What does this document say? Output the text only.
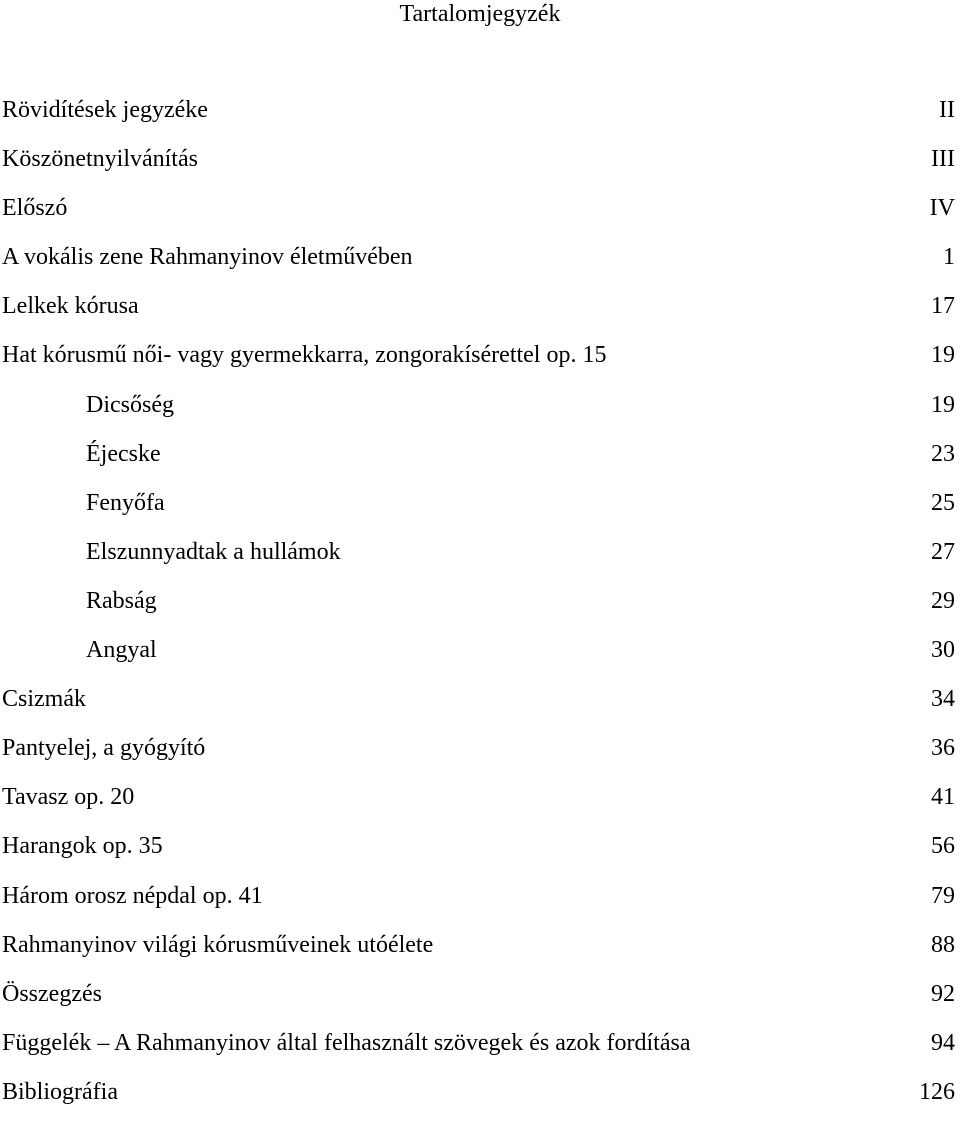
Tartalomjegyzék
Rövidítések jegyzéke	II
Köszönetnyilvánítás	III
Előszó	IV
A vokális zene Rahmanyinov életművében	1
Lelkek kórusa	17
Hat kórusmű női- vagy gyermekkarra, zongorakísérettel op. 15	19
Dicsőség	19
Éjecske	23
Fenyőfa	25
Elszunnyadtak a hullámok	27
Rabság	29
Angyal	30
Csizmák	34
Pantyelej, a gyógyító	36
Tavasz op. 20	41
Harangok op. 35	56
Három orosz népdal op. 41	79
Rahmanyinov világi kórusműveinek utóélete	88
Összegzés	92
Függelék – A Rahmanyinov által felhasznált szövegek és azok fordítása	94
Bibliográfia	126
